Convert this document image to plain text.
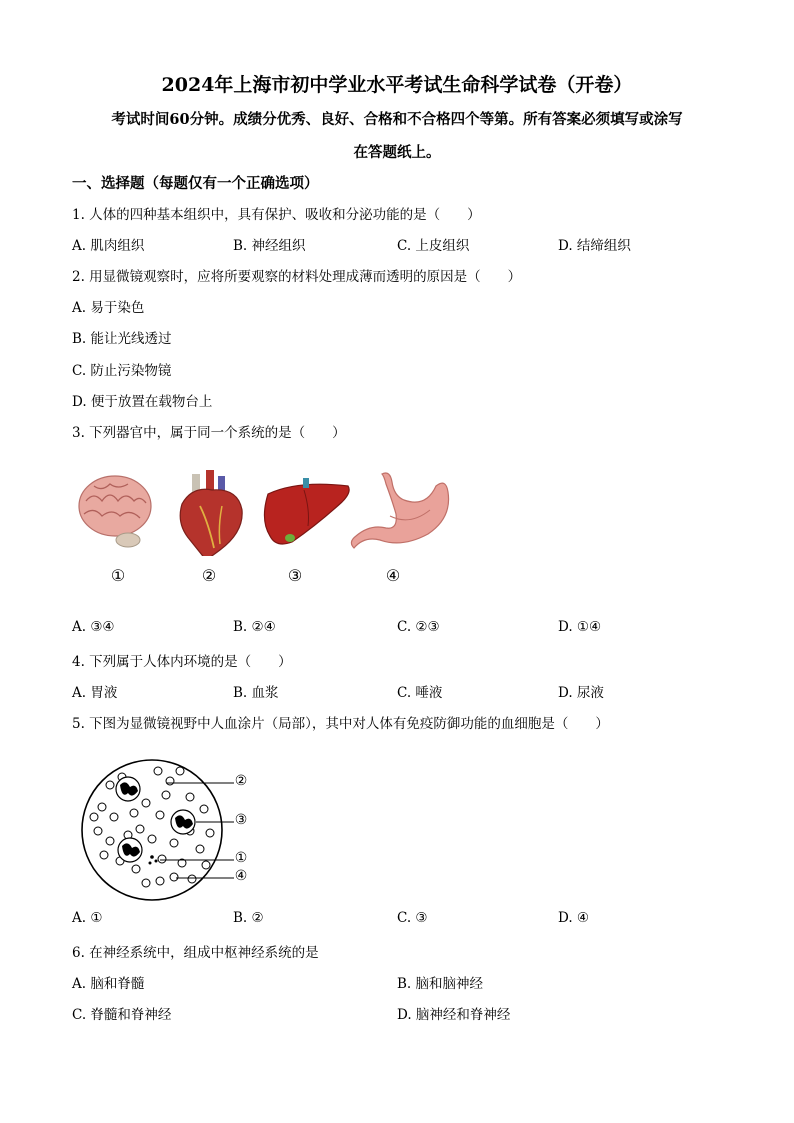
2024年上海市初中学业水平考试生命科学试卷（开卷）
考试时间60分钟。成绩分优秀、良好、合格和不合格四个等第。所有答案必须填写或涂写
在答题纸上。
一、选择题（每题仅有一个正确选项）
1. 人体的四种基本组织中，具有保护、吸收和分泌功能的是（　　）
A. 肌肉组织	B. 神经组织	C. 上皮组织	D. 结缔组织
2. 用显微镜观察时，应将所要观察的材料处理成薄而透明的原因是（　　）
A. 易于染色
B. 能让光线透过
C. 防止污染物镜
D. 便于放置在载物台上
3. 下列器官中，属于同一个系统的是（　　）
①	②	③	④
A. ③④	B. ②④	C. ②③	D. ①④
4. 下列属于人体内环境的是（　　）
A. 胃液	B. 血浆	C. 唾液	D. 尿液
5. 下图为显微镜视野中人血涂片（局部），其中对人体有免疫防御功能的血细胞是（　　）
②
③
①
④
A. ①	B. ②	C. ③	D. ④
6. 在神经系统中，组成中枢神经系统的是
A. 脑和脊髓	B. 脑和脑神经
C. 脊髓和脊神经	D. 脑神经和脊神经
